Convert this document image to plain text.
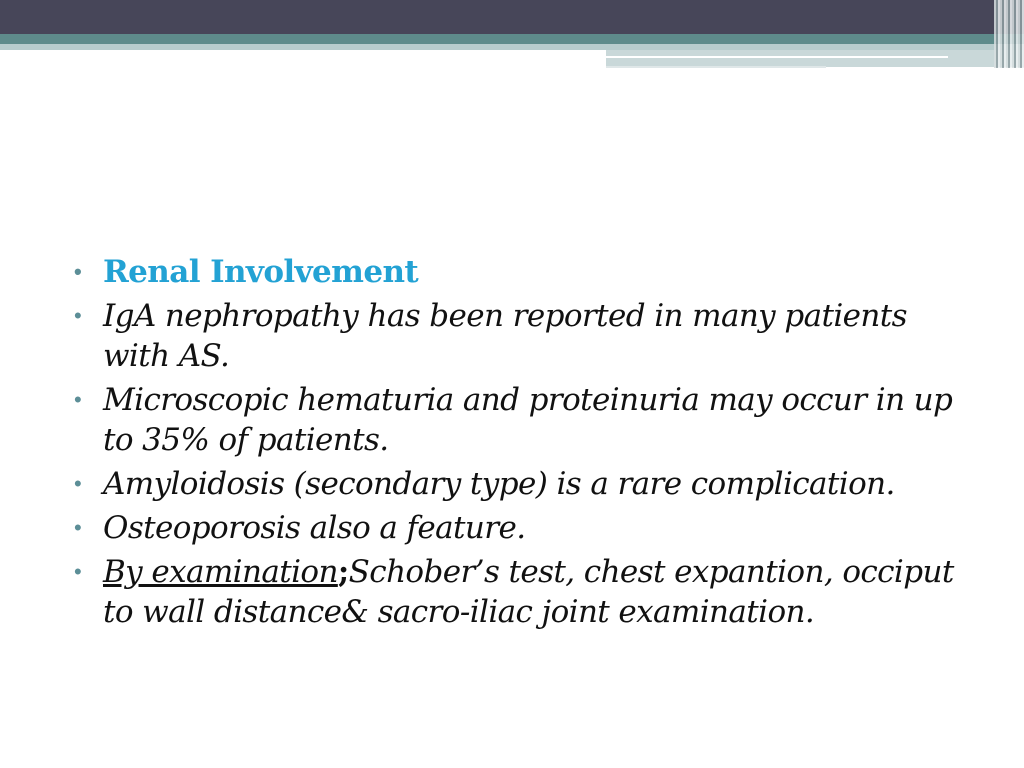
• Renal Involvement
• IgA nephropathy has been reported in many patients with AS.
• Microscopic hematuria and proteinuria may occur in up to 35% of patients.
• Amyloidosis (secondary type) is a rare complication.
• Osteoporosis also a feature.
• By examination;Schober’s test, chest expantion, occiput to wall distance& sacro-iliac joint examination.
